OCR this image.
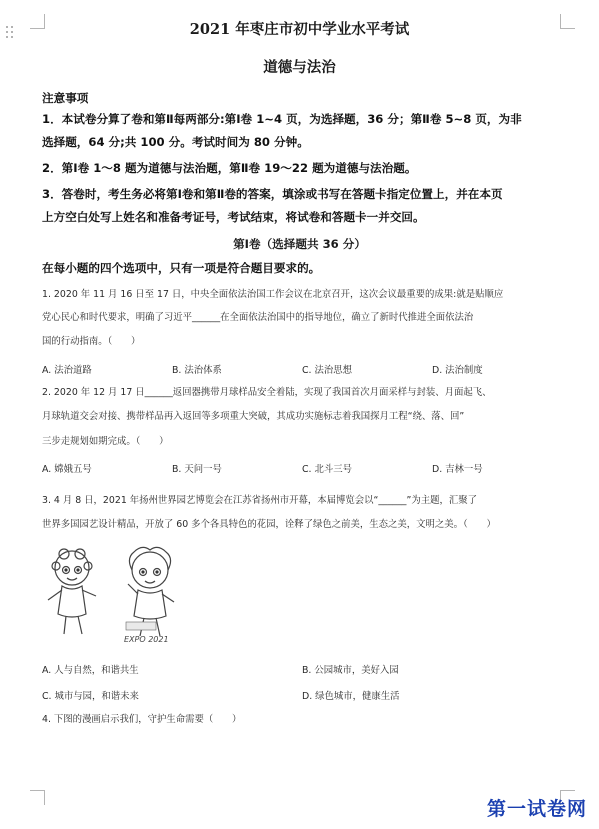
2021 年枣庄市初中学业水平考试
道德与法治
注意事项
1．本试卷分算了卷和第Ⅱ每两部分:第Ⅰ卷 1~4 页，为选择题，36 分；第Ⅱ卷 5~8 页，为非
选择题，64 分;共 100 分。考试时间为 80 分钟。
2．第Ⅰ卷 1～8 题为道德与法治题，第Ⅱ卷 19～22 题为道德与法治题。
3．答卷时，考生务必将第Ⅰ卷和第Ⅱ卷的答案，填涂或书写在答题卡指定位置上，并在本页
上方空白处写上姓名和准备考证号，考试结束，将试卷和答题卡一并交回。
第Ⅰ卷（选择题共 36 分）
在每小题的四个选项中，只有一项是符合题目要求的。
1. 2020 年 11 月 16 日至 17 日，中央全面依法治国工作会议在北京召开，这次会议最重要的成果:就是贴顺应
党心民心和时代要求，明确了习近平______在全面依法治国中的指导地位，确立了新时代推进全面依法治
国的行动指南。（　　）
A. 法治道路	B. 法治体系	C. 法治思想	D. 法治制度
2. 2020 年 12 月 17 日______返回器携带月球样品安全着陆，实现了我国首次月面采样与封装、月面起飞、
月球轨道交会对接、携带样品再入返回等多项重大突破，其成功实施标志着我国探月工程“绕、落、回”
三步走规划如期完成。（　　）
A. 嫦娥五号	B. 天问一号	C. 北斗三号	D. 吉林一号
3. 4 月 8 日，2021 年扬州世界园艺博览会在江苏省扬州市开幕，本届博览会以“______”为主题，汇聚了
世界多国园艺设计精品，开放了 60 多个各具特色的花园，诠释了绿色之前美，生态之美，文明之美。（　　）
EXPO 2021
A. 人与自然，和谐共生	B. 公园城市，美好入园
C. 城市与园，和谐未来	D. 绿色城市，健康生活
4. 下图的漫画启示我们，守护生命需要（　　）
第一试卷网
